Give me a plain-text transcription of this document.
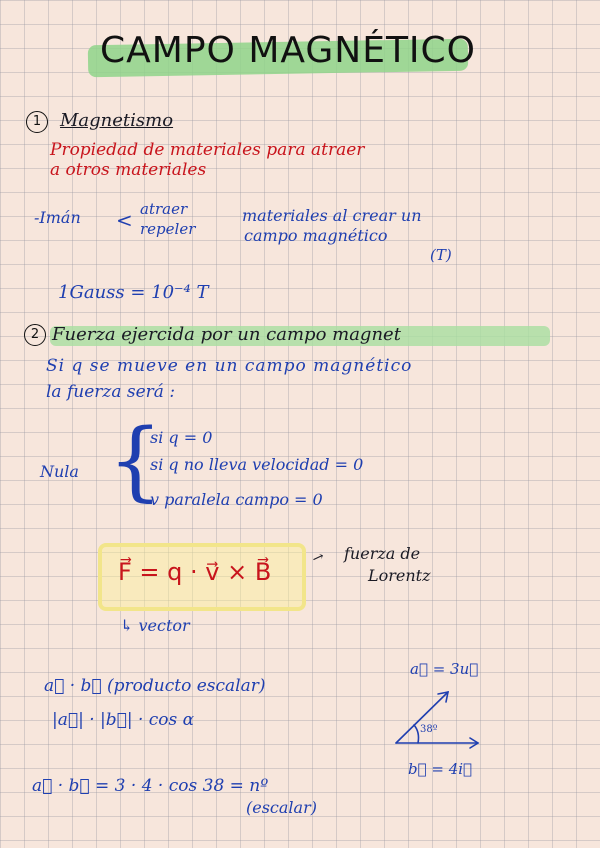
CAMPO MAGNÉTICO
1	Magnetismo
Propiedad de materiales para atraer
a otros materiales
-Imán < atraer
repeler
materiales al crear un
campo magnético
(T)
1Gauss = 10⁻⁴ T
2 Fuerza ejercida por un campo magnet
Si q se mueve en un campo magnético
la fuerza será :
Nula {
si q = 0
si q no lleva velocidad = 0
v paralela campo = 0
F⃗ = q · v⃗ × B⃗	↗ fuerza de
Lorentz
↳ vector
a⃗ · b⃗ (producto escalar)
|a⃗| · |b⃗| · cos α
a⃗ · b⃗ = 3 · 4 · cos 38 = nº
(escalar)
a⃗ = 3u⃗
b⃗ = 4i⃗
38º
